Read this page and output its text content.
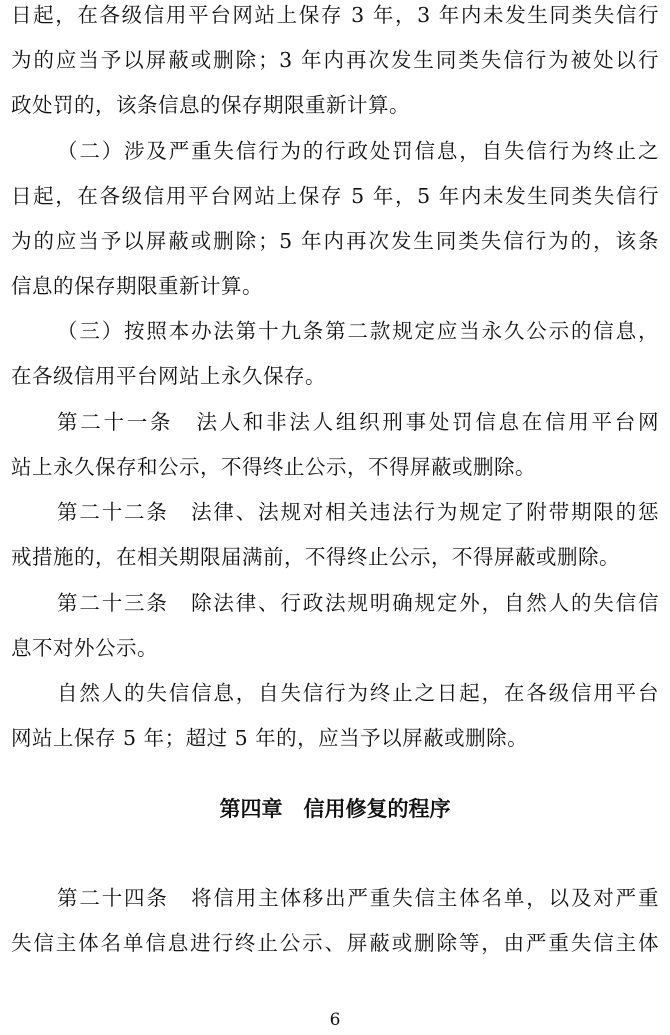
日起，在各级信用平台网站上保存 3 年，3 年内未发生同类失信行
为的应当予以屏蔽或删除；3 年内再次发生同类失信行为被处以行
政处罚的，该条信息的保存期限重新计算。
（二）涉及严重失信行为的行政处罚信息，自失信行为终止之
日起，在各级信用平台网站上保存 5 年，5 年内未发生同类失信行
为的应当予以屏蔽或删除；5 年内再次发生同类失信行为的，该条
信息的保存期限重新计算。
（三）按照本办法第十九条第二款规定应当永久公示的信息，
在各级信用平台网站上永久保存。
第二十一条　法人和非法人组织刑事处罚信息在信用平台网
站上永久保存和公示，不得终止公示，不得屏蔽或删除。
第二十二条　法律、法规对相关违法行为规定了附带期限的惩
戒措施的，在相关期限届满前，不得终止公示，不得屏蔽或删除。
第二十三条　除法律、行政法规明确规定外，自然人的失信信
息不对外公示。
自然人的失信信息，自失信行为终止之日起，在各级信用平台
网站上保存 5 年；超过 5 年的，应当予以屏蔽或删除。
第四章　信用修复的程序
第二十四条　将信用主体移出严重失信主体名单，以及对严重
失信主体名单信息进行终止公示、屏蔽或删除等，由严重失信主体
6
